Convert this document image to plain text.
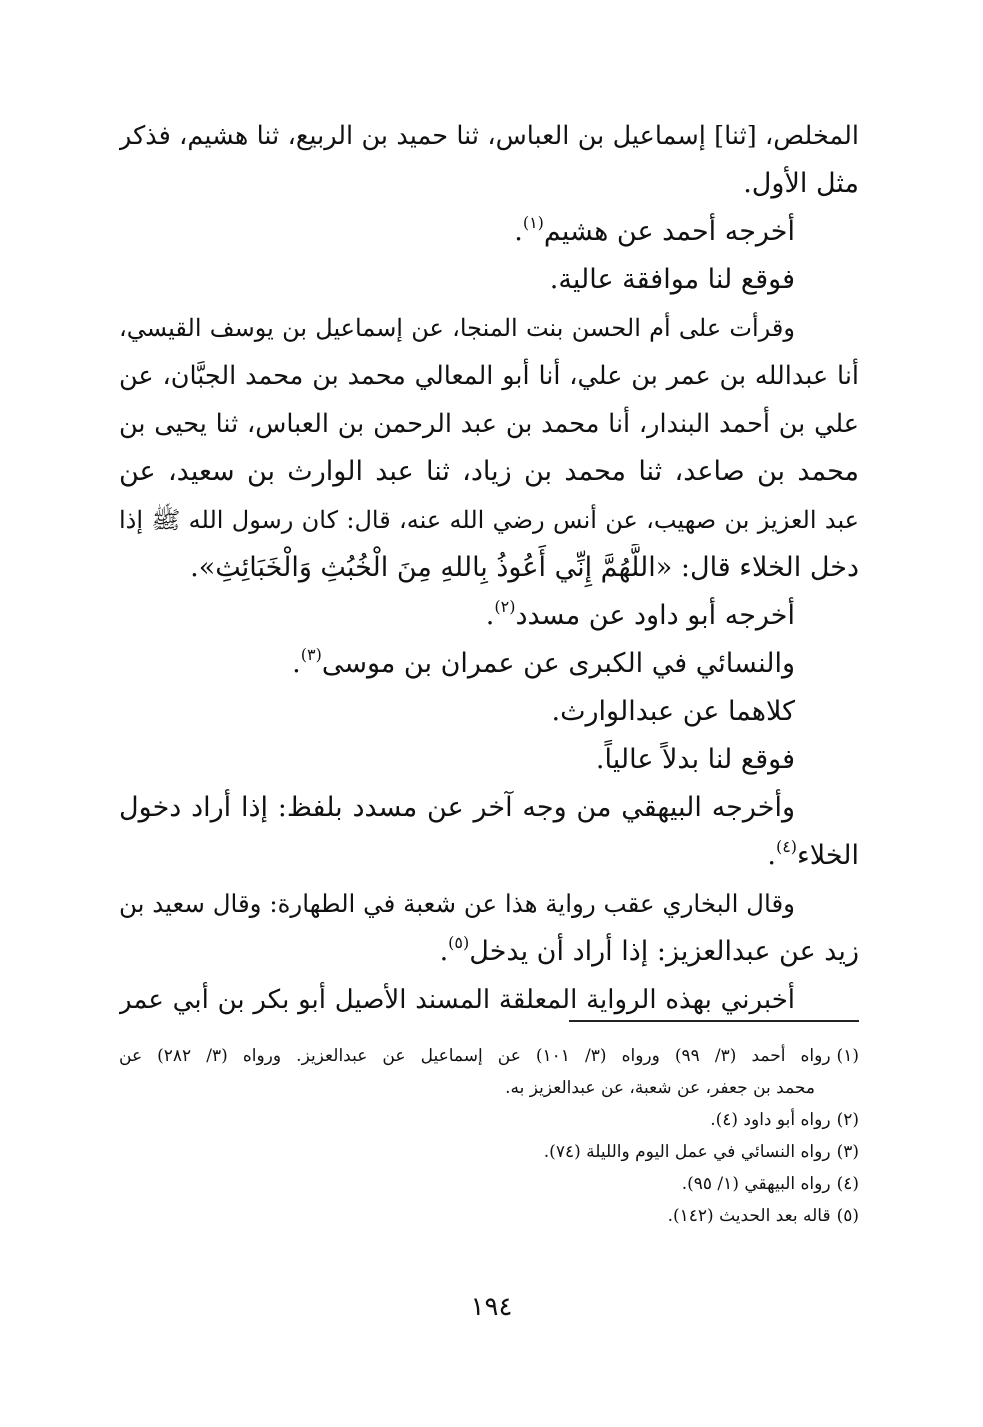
المخلص، [ثنا] إسماعيل بن العباس، ثنا حميد بن الربيع، ثنا هشيم، فذكر
مثل الأول.
أخرجه أحمد عن هشيم$^{(١)}$.
فوقع لنا موافقة عالية.
وقرأت على أم الحسن بنت المنجا، عن إسماعيل بن يوسف القيسي،
أنا عبدالله بن عمر بن علي، أنا أبو المعالي محمد بن محمد الجبَّان، عن
علي بن أحمد البندار، أنا محمد بن عبد الرحمن بن العباس، ثنا يحيى بن
محمد بن صاعد، ثنا محمد بن زياد، ثنا عبد الوارث بن سعيد، عن
عبد العزيز بن صهيب، عن أنس رضي الله عنه، قال: كان رسول الله ﷺ إذا
دخل الخلاء قال: «اللَّهُمَّ إِنِّي أَعُوذُ بِاللهِ مِنَ الْخُبُثِ وَالْخَبَائِثِ».
أخرجه أبو داود عن مسدد$^{(٢)}$.
والنسائي في الكبرى عن عمران بن موسى$^{(٣)}$.
كلاهما عن عبدالوارث.
فوقع لنا بدلاً عالياً.
وأخرجه البيهقي من وجه آخر عن مسدد بلفظ: إذا أراد دخول
الخلاء$^{(٤)}$.
وقال البخاري عقب رواية هذا عن شعبة في الطهارة: وقال سعيد بن
زيد عن عبدالعزيز: إذا أراد أن يدخل$^{(٥)}$.
أخبرني بهذه الرواية المعلقة المسند الأصيل أبو بكر بن أبي عمر
(١)رواه أحمد (٣/ ٩٩) ورواه (٣/ ١٠١) عن إسماعيل عن عبدالعزيز. ورواه (٣/ ٢٨٢) عن
محمد بن جعفر، عن شعبة، عن عبدالعزيز به.
(٢)رواه أبو داود (٤).
(٣)رواه النسائي في عمل اليوم والليلة (٧٤).
(٤)رواه البيهقي (١/ ٩٥).
(٥)قاله بعد الحديث (١٤٢).
١٩٤
